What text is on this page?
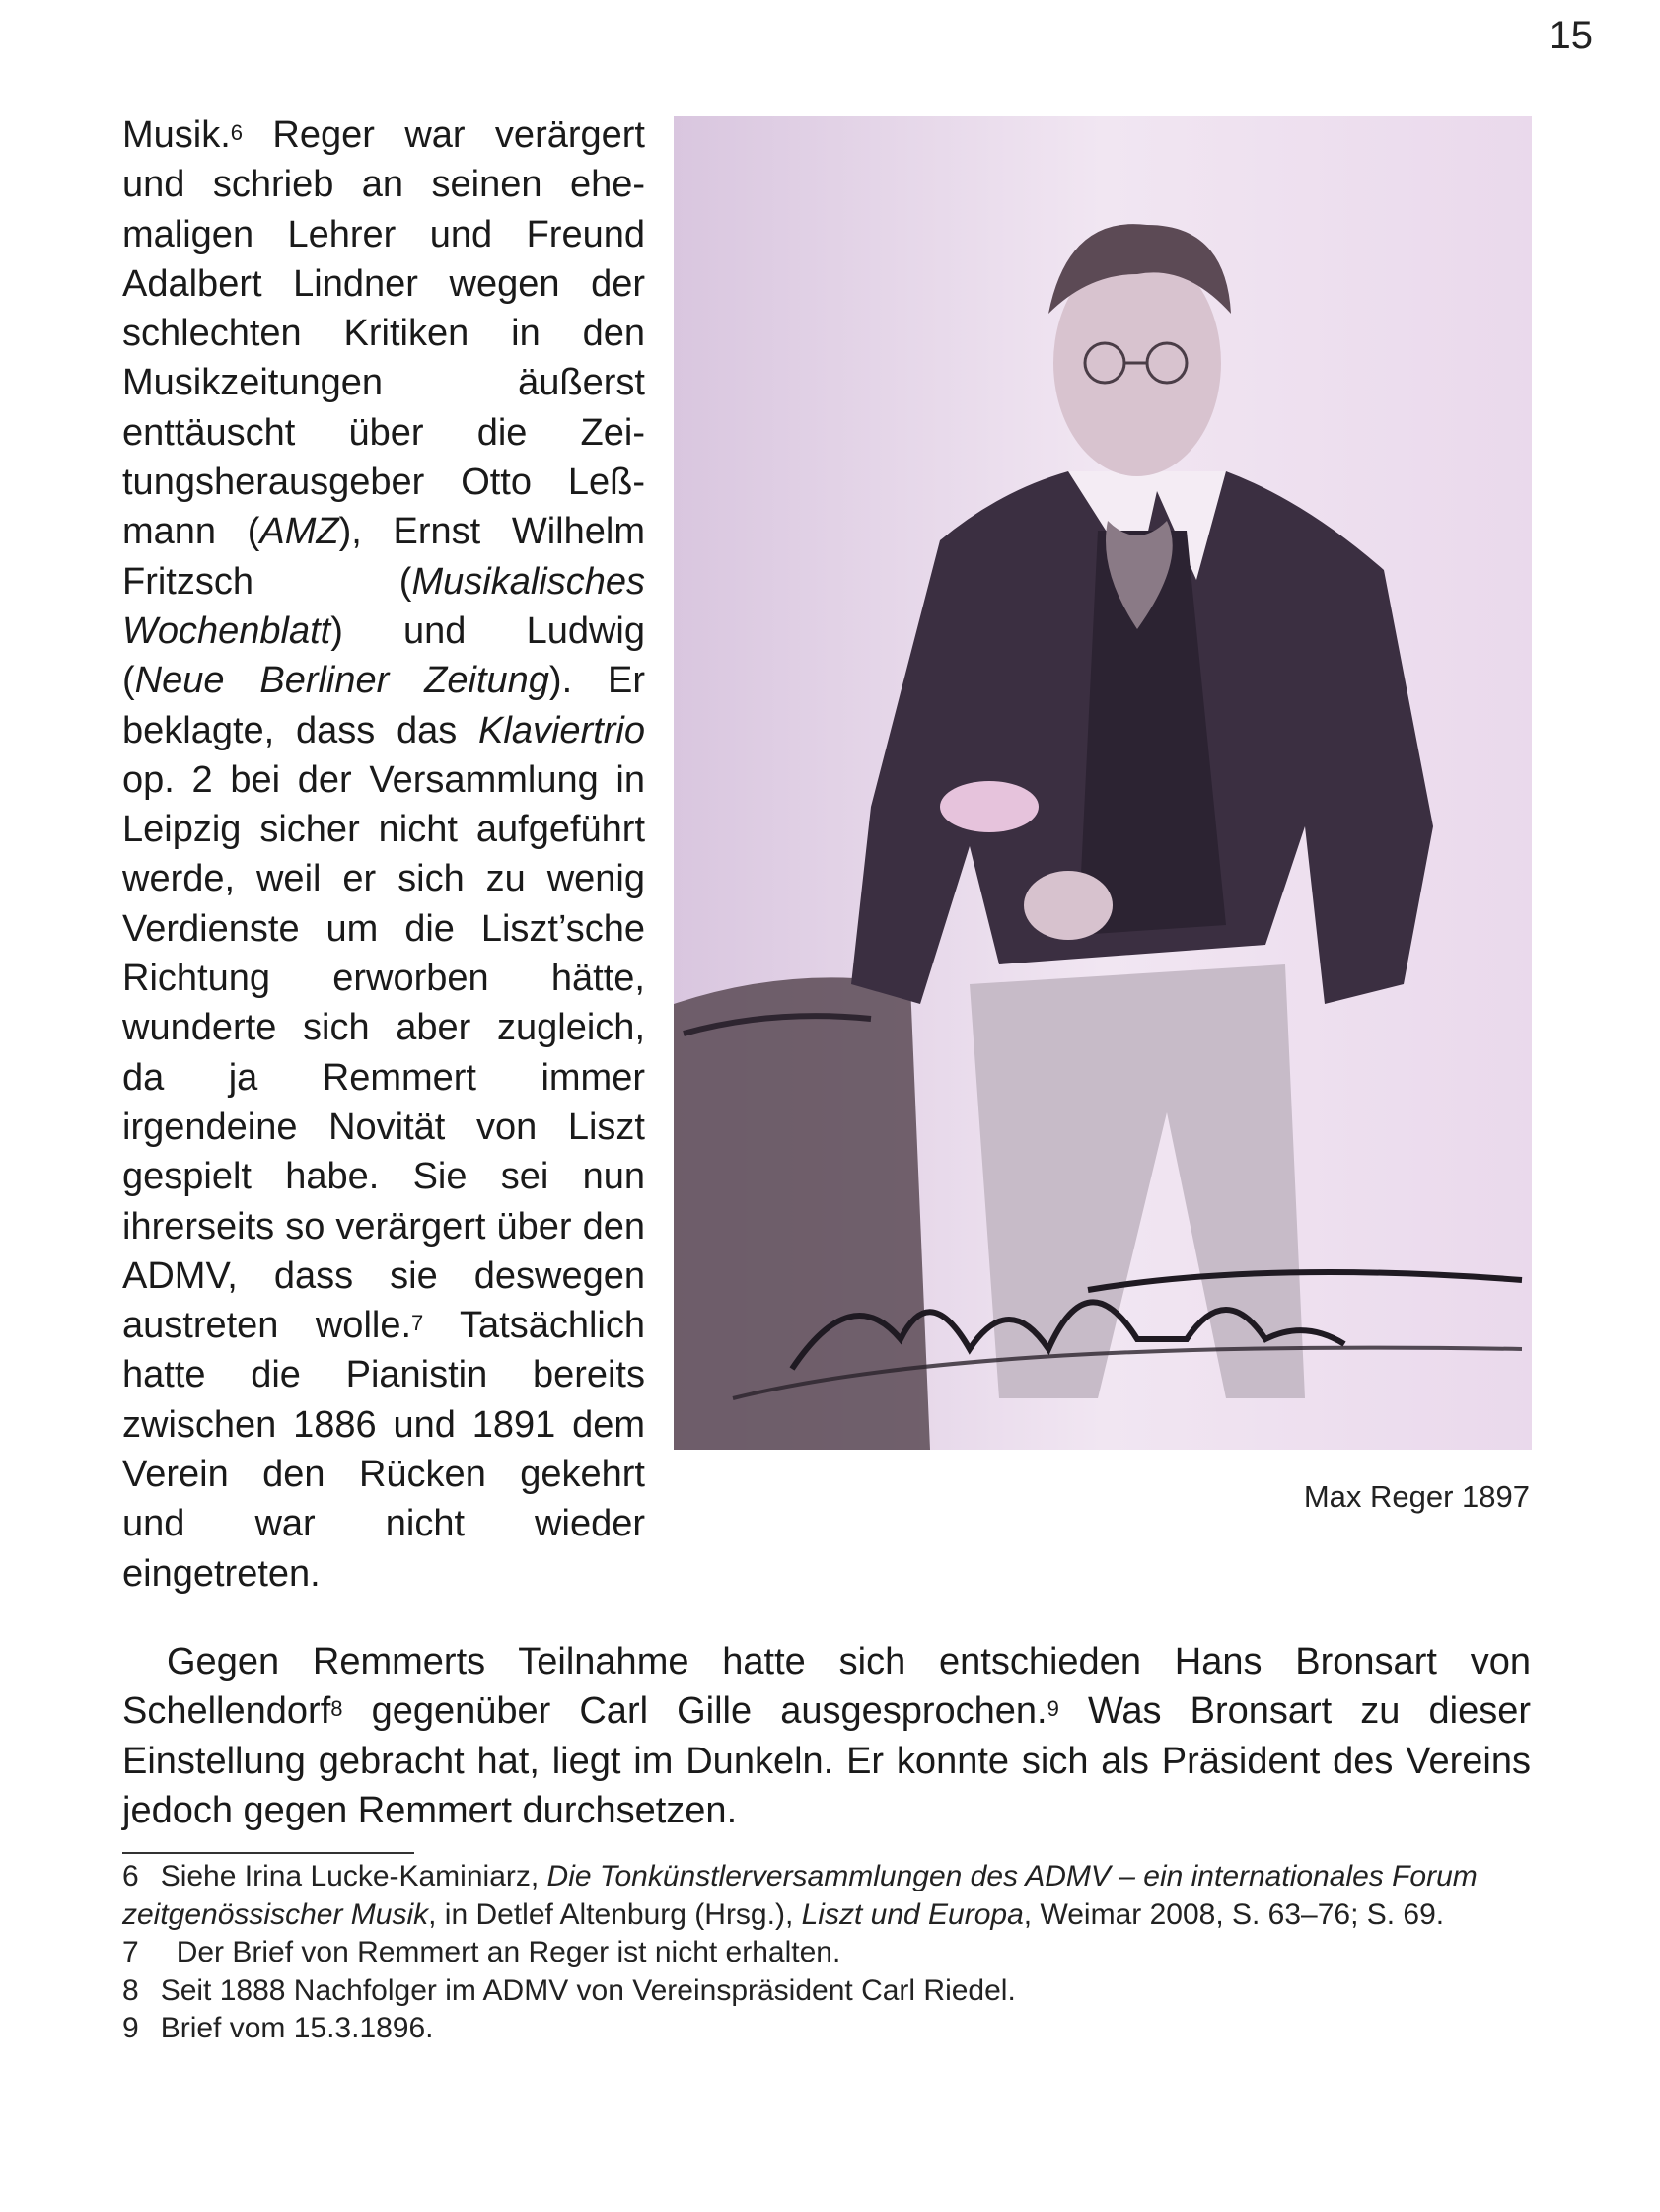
15

Musik.$^6$ Reger war verärgert und schrieb an seinen ehemaligen Lehrer und Freund Adalbert Lindner wegen der schlechten Kritiken in den Musikzeitungen äußerst enttäuscht über die Zeitungsherausgeber Otto Leßmann (AMZ), Ernst Wilhelm Fritzsch (Musikalisches Wochenblatt) und Ludwig (Neue Berliner Zeitung). Er beklagte, dass das Klaviertrio op. 2 bei der Versammlung in Leipzig sicher nicht aufgeführt werde, weil er sich zu wenig Verdienste um die Liszt’sche Richtung erworben hätte, wunderte sich aber zugleich, da ja Remmert immer irgendeine Novität von Liszt gespielt habe. Sie sei nun ihrerseits so verärgert über den ADMV, dass sie deswegen austreten wolle.$^7$ Tatsächlich hatte die Pianistin bereits zwischen 1886 und 1891 dem Verein den Rücken gekehrt und war nicht wieder eingetreten.

Max Reger 1897

Gegen Remmerts Teilnahme hatte sich entschieden Hans Bronsart von Schellendorf$^8$ gegenüber Carl Gille ausgesprochen.$^9$ Was Bronsart zu dieser Einstellung gebracht hat, liegt im Dunkeln. Er konnte sich als Präsident des Vereins jedoch gegen Remmert durchsetzen.

6 Siehe Irina Lucke-Kaminiarz, Die Tonkünstlerversammlungen des ADMV – ein internationales Forum zeitgenössischer Musik, in Detlef Altenburg (Hrsg.), Liszt und Europa, Weimar 2008, S. 63–76; S. 69.

7 Der Brief von Remmert an Reger ist nicht erhalten.

8 Seit 1888 Nachfolger im ADMV von Vereinspräsident Carl Riedel.

9 Brief vom 15.3.1896.
